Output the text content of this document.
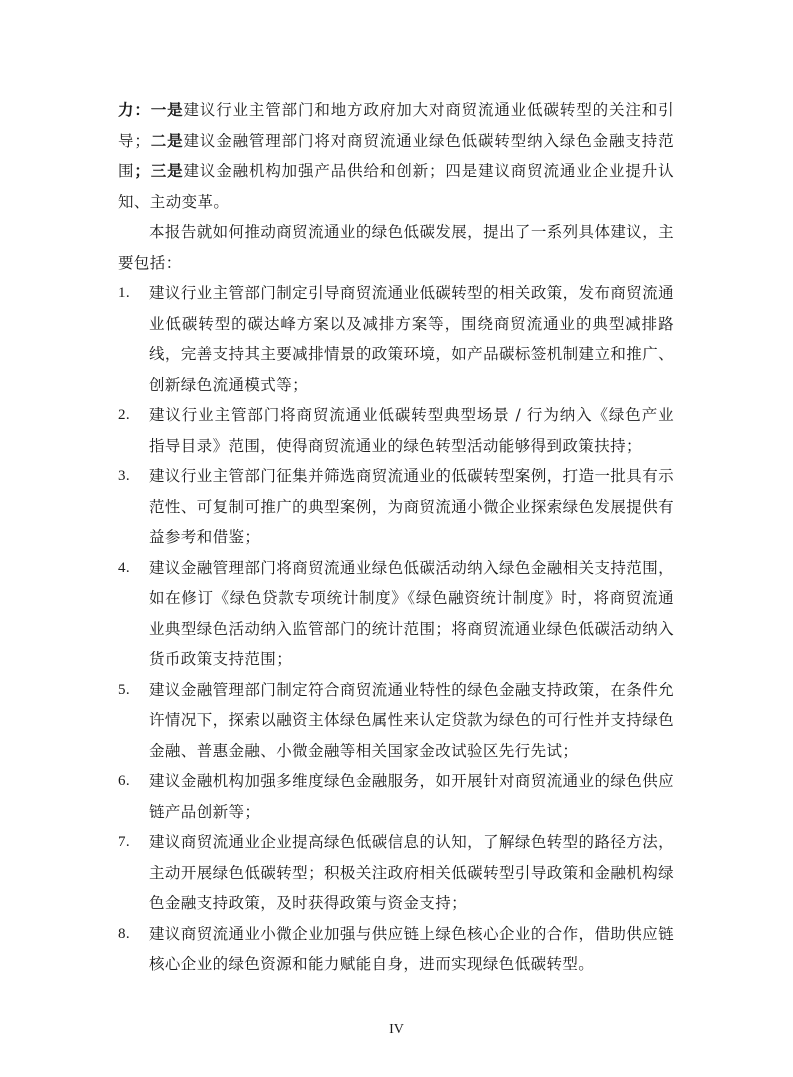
力：一是建议行业主管部门和地方政府加大对商贸流通业低碳转型的关注和引导；二是建议金融管理部门将对商贸流通业绿色低碳转型纳入绿色金融支持范围；三是建议金融机构加强产品供给和创新；四是建议商贸流通业企业提升认知、主动变革。

本报告就如何推动商贸流通业的绿色低碳发展，提出了一系列具体建议，主要包括：

1. 建议行业主管部门制定引导商贸流通业低碳转型的相关政策，发布商贸流通业低碳转型的碳达峰方案以及减排方案等，围绕商贸流通业的典型减排路线，完善支持其主要减排情景的政策环境，如产品碳标签机制建立和推广、创新绿色流通模式等；
2. 建议行业主管部门将商贸流通业低碳转型典型场景 / 行为纳入《绿色产业指导目录》范围，使得商贸流通业的绿色转型活动能够得到政策扶持；
3. 建议行业主管部门征集并筛选商贸流通业的低碳转型案例，打造一批具有示范性、可复制可推广的典型案例，为商贸流通小微企业探索绿色发展提供有益参考和借鉴；
4. 建议金融管理部门将商贸流通业绿色低碳活动纳入绿色金融相关支持范围，如在修订《绿色贷款专项统计制度》《绿色融资统计制度》时，将商贸流通业典型绿色活动纳入监管部门的统计范围；将商贸流通业绿色低碳活动纳入货币政策支持范围；
5. 建议金融管理部门制定符合商贸流通业特性的绿色金融支持政策，在条件允许情况下，探索以融资主体绿色属性来认定贷款为绿色的可行性并支持绿色金融、普惠金融、小微金融等相关国家金改试验区先行先试；
6. 建议金融机构加强多维度绿色金融服务，如开展针对商贸流通业的绿色供应链产品创新等；
7. 建议商贸流通业企业提高绿色低碳信息的认知，了解绿色转型的路径方法，主动开展绿色低碳转型；积极关注政府相关低碳转型引导政策和金融机构绿色金融支持政策，及时获得政策与资金支持；
8. 建议商贸流通业小微企业加强与供应链上绿色核心企业的合作，借助供应链核心企业的绿色资源和能力赋能自身，进而实现绿色低碳转型。
IV
